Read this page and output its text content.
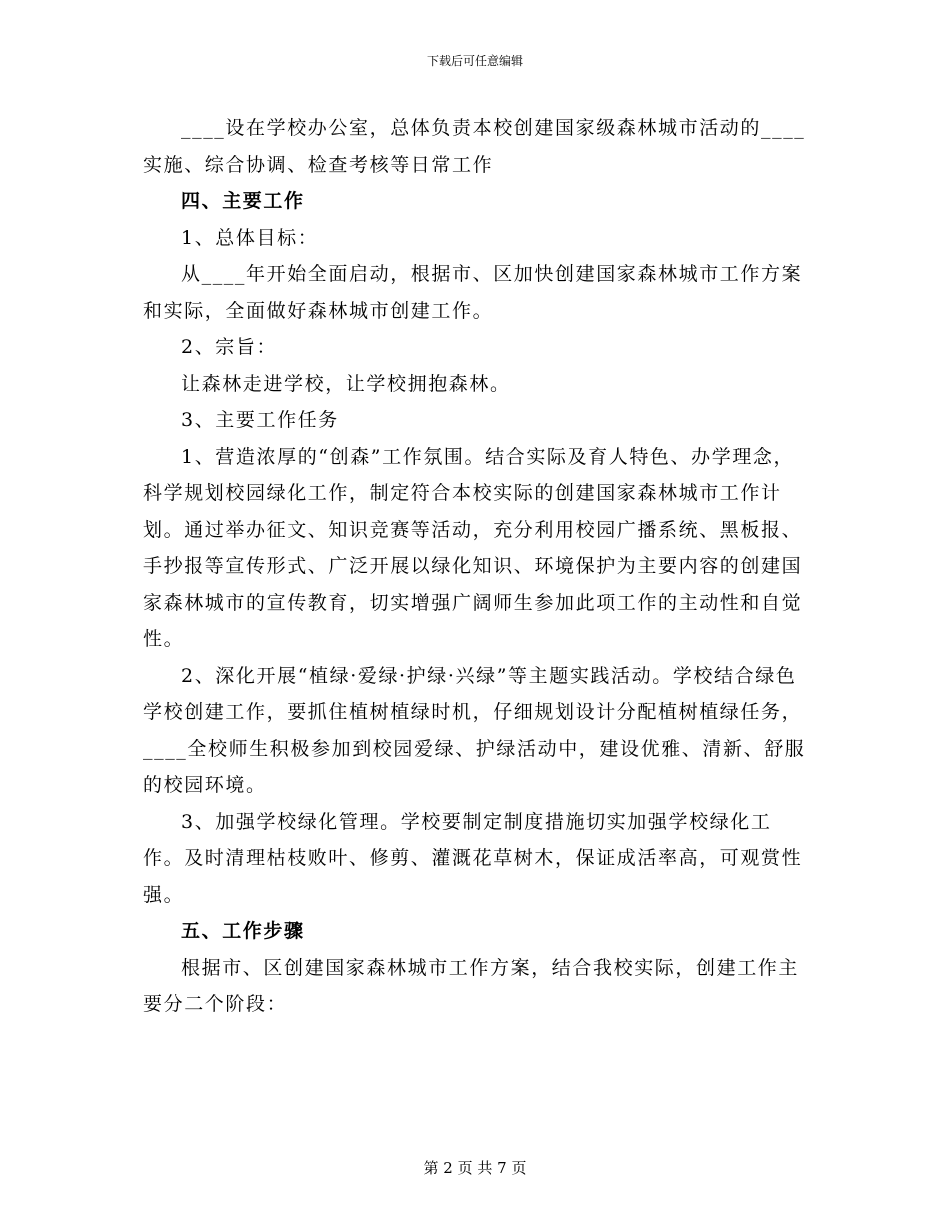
下载后可任意编辑

____设在学校办公室，总体负责本校创建国家级森林城市活动的____实施、综合协调、检查考核等日常工作

四、主要工作

1、总体目标：

从____年开始全面启动，根据市、区加快创建国家森林城市工作方案和实际，全面做好森林城市创建工作。

2、宗旨：

让森林走进学校，让学校拥抱森林。

3、主要工作任务

1、营造浓厚的“创森”工作氛围。结合实际及育人特色、办学理念，科学规划校园绿化工作，制定符合本校实际的创建国家森林城市工作计划。通过举办征文、知识竞赛等活动，充分利用校园广播系统、黑板报、手抄报等宣传形式、广泛开展以绿化知识、环境保护为主要内容的创建国家森林城市的宣传教育，切实增强广阔师生参加此项工作的主动性和自觉性。

2、深化开展“植绿·爱绿·护绿·兴绿”等主题实践活动。学校结合绿色学校创建工作，要抓住植树植绿时机，仔细规划设计分配植树植绿任务，____全校师生积极参加到校园爱绿、护绿活动中，建设优雅、清新、舒服的校园环境。

3、加强学校绿化管理。学校要制定制度措施切实加强学校绿化工作。及时清理枯枝败叶、修剪、灌溉花草树木，保证成活率高，可观赏性强。

五、工作步骤

根据市、区创建国家森林城市工作方案，结合我校实际，创建工作主要分二个阶段：

第 2 页 共 7 页
